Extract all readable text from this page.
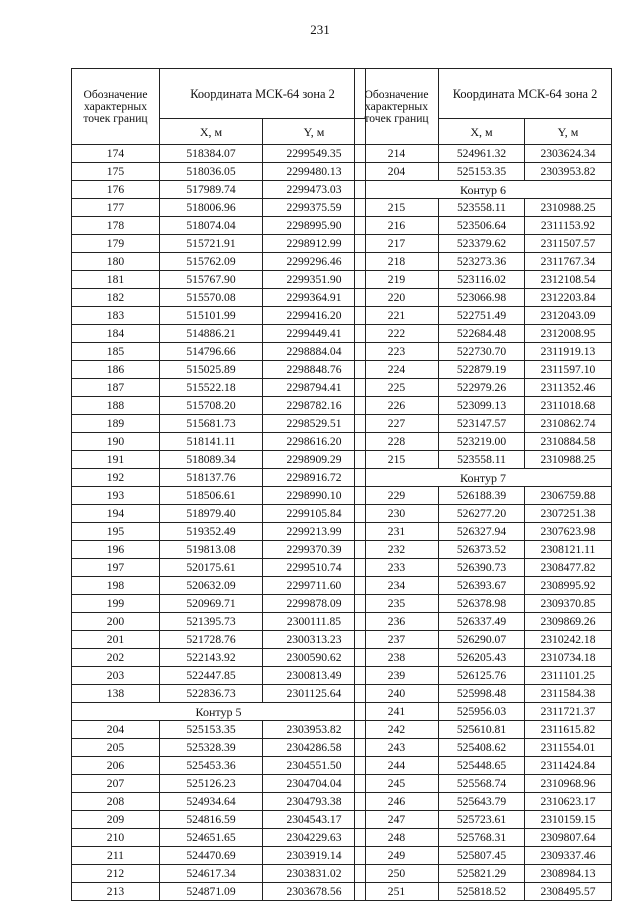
231
Обозначение характерных точек границ	Координата МСК-64 зона 2	
	X, м	Y, м
174	518384.07	2299549.35
175	518036.05	2299480.13
176	517989.74	2299473.03
177	518006.96	2299375.59
178	518074.04	2298995.90
179	515721.91	2298912.99
180	515762.09	2299296.46
181	515767.90	2299351.90
182	515570.08	2299364.91
183	515101.99	2299416.20
184	514886.21	2299449.41
185	514796.66	2298884.04
186	515025.89	2298848.76
187	515522.18	2298794.41
188	515708.20	2298782.16
189	515681.73	2298529.51
190	518141.11	2298616.20
191	518089.34	2298909.29
192	518137.76	2298916.72
193	518506.61	2298990.10
194	518979.40	2299105.84
195	519352.49	2299213.99
196	519813.08	2299370.39
197	520175.61	2299510.74
198	520632.09	2299711.60
199	520969.71	2299878.09
200	521395.73	2300111.85
201	521728.76	2300313.23
202	522143.92	2300590.62
203	522447.85	2300813.49
138	522836.73	2301125.64
Контур 5		
204	525153.35	2303953.82
205	525328.39	2304286.58
206	525453.36	2304551.50
207	525126.23	2304704.04
208	524934.64	2304793.38
209	524816.59	2304543.17
210	524651.65	2304229.63
211	524470.69	2303919.14
212	524617.34	2303831.02
213	524871.09	2303678.56
Обозначение характерных точек границ	Координата МСК-64 зона 2	
	X, м	Y, м
214	524961.32	2303624.34
204	525153.35	2303953.82
Контур 6		
215	523558.11	2310988.25
216	523506.64	2311153.92
217	523379.62	2311507.57
218	523273.36	2311767.34
219	523116.02	2312108.54
220	523066.98	2312203.84
221	522751.49	2312043.09
222	522684.48	2312008.95
223	522730.70	2311919.13
224	522879.19	2311597.10
225	522979.26	2311352.46
226	523099.13	2311018.68
227	523147.57	2310862.74
228	523219.00	2310884.58
215	523558.11	2310988.25
Контур 7		
229	526188.39	2306759.88
230	526277.20	2307251.38
231	526327.94	2307623.98
232	526373.52	2308121.11
233	526390.73	2308477.82
234	526393.67	2308995.92
235	526378.98	2309370.85
236	526337.49	2309869.26
237	526290.07	2310242.18
238	526205.43	2310734.18
239	526125.76	2311101.25
240	525998.48	2311584.38
241	525956.03	2311721.37
242	525610.81	2311615.82
243	525408.62	2311554.01
244	525448.65	2311424.84
245	525568.74	2310968.96
246	525643.79	2310623.17
247	525723.61	2310159.15
248	525768.31	2309807.64
249	525807.45	2309337.46
250	525821.29	2308984.13
251	525818.52	2308495.57
